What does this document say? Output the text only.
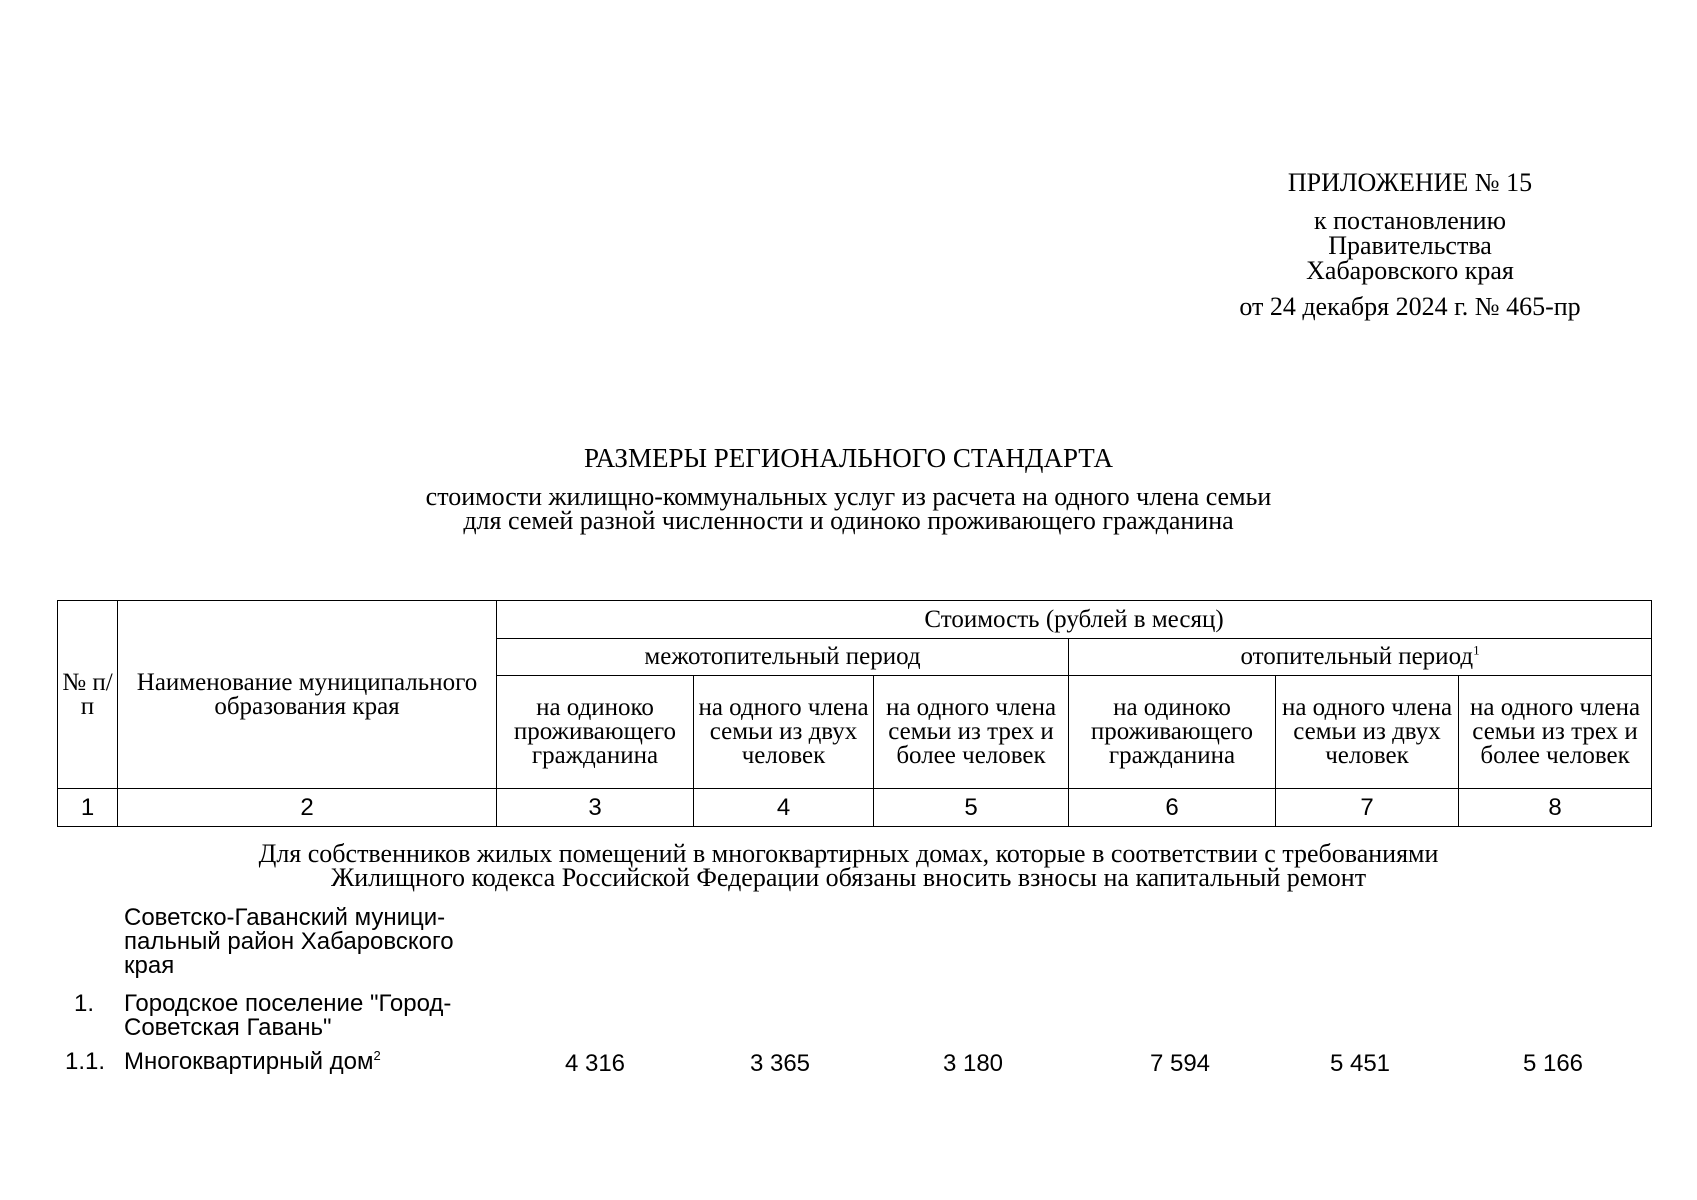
ПРИЛОЖЕНИЕ № 15
к постановлению
Правительства
Хабаровского края
от 24 декабря 2024 г. № 465-пр
РАЗМЕРЫ РЕГИОНАЛЬНОГО СТАНДАРТА
стоимости жилищно-коммунальных услуг из расчета на одного члена семьи
для семей разной численности и одиноко проживающего гражданина
№ п/п	Наименование муниципального образования края	Стоимость (рублей в месяц)					
		межотопительный период			отопительный период$^1$
		на одиноко проживающего гражданина	на одного члена семьи из двух человек	на одного члена семьи из трех и более человек	на одиноко проживающего гражданина	на одного члена семьи из двух человек	на одного члена семьи из трех и более человек
1	2	3	4	5	6	7	8
Для собственников жилых помещений в многоквартирных домах, которые в соответствии с требованиями
Жилищного кодекса Российской Федерации обязаны вносить взносы на капитальный ремонт
Советско-Гаванский муници-
пальный район Хабаровского
края
1. Городское поселение "Город-
Советская Гавань"
1.1. Многоквартирный дом$^2$	4 316	3 365	3 180	7 594	5 451	5 166
